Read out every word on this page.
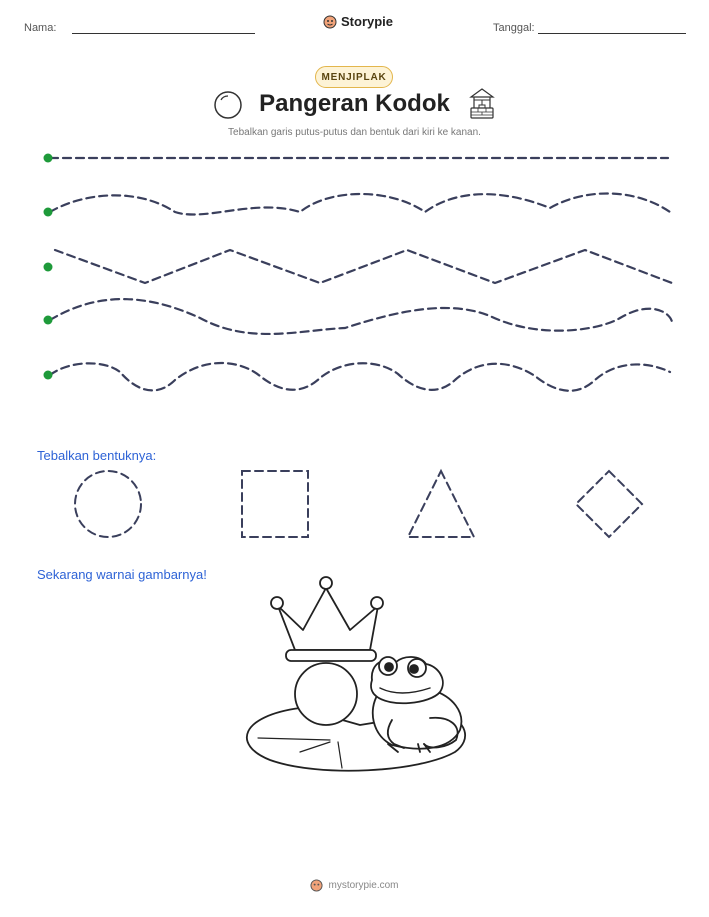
Nama:	Storypie	Tanggal:
MENJIPLAK
Pangeran Kodok
Tebalkan garis putus-putus dan bentuk dari kiri ke kanan.
Tebalkan bentuknya:
Sekarang warnai gambarnya!
mystorypie.com
